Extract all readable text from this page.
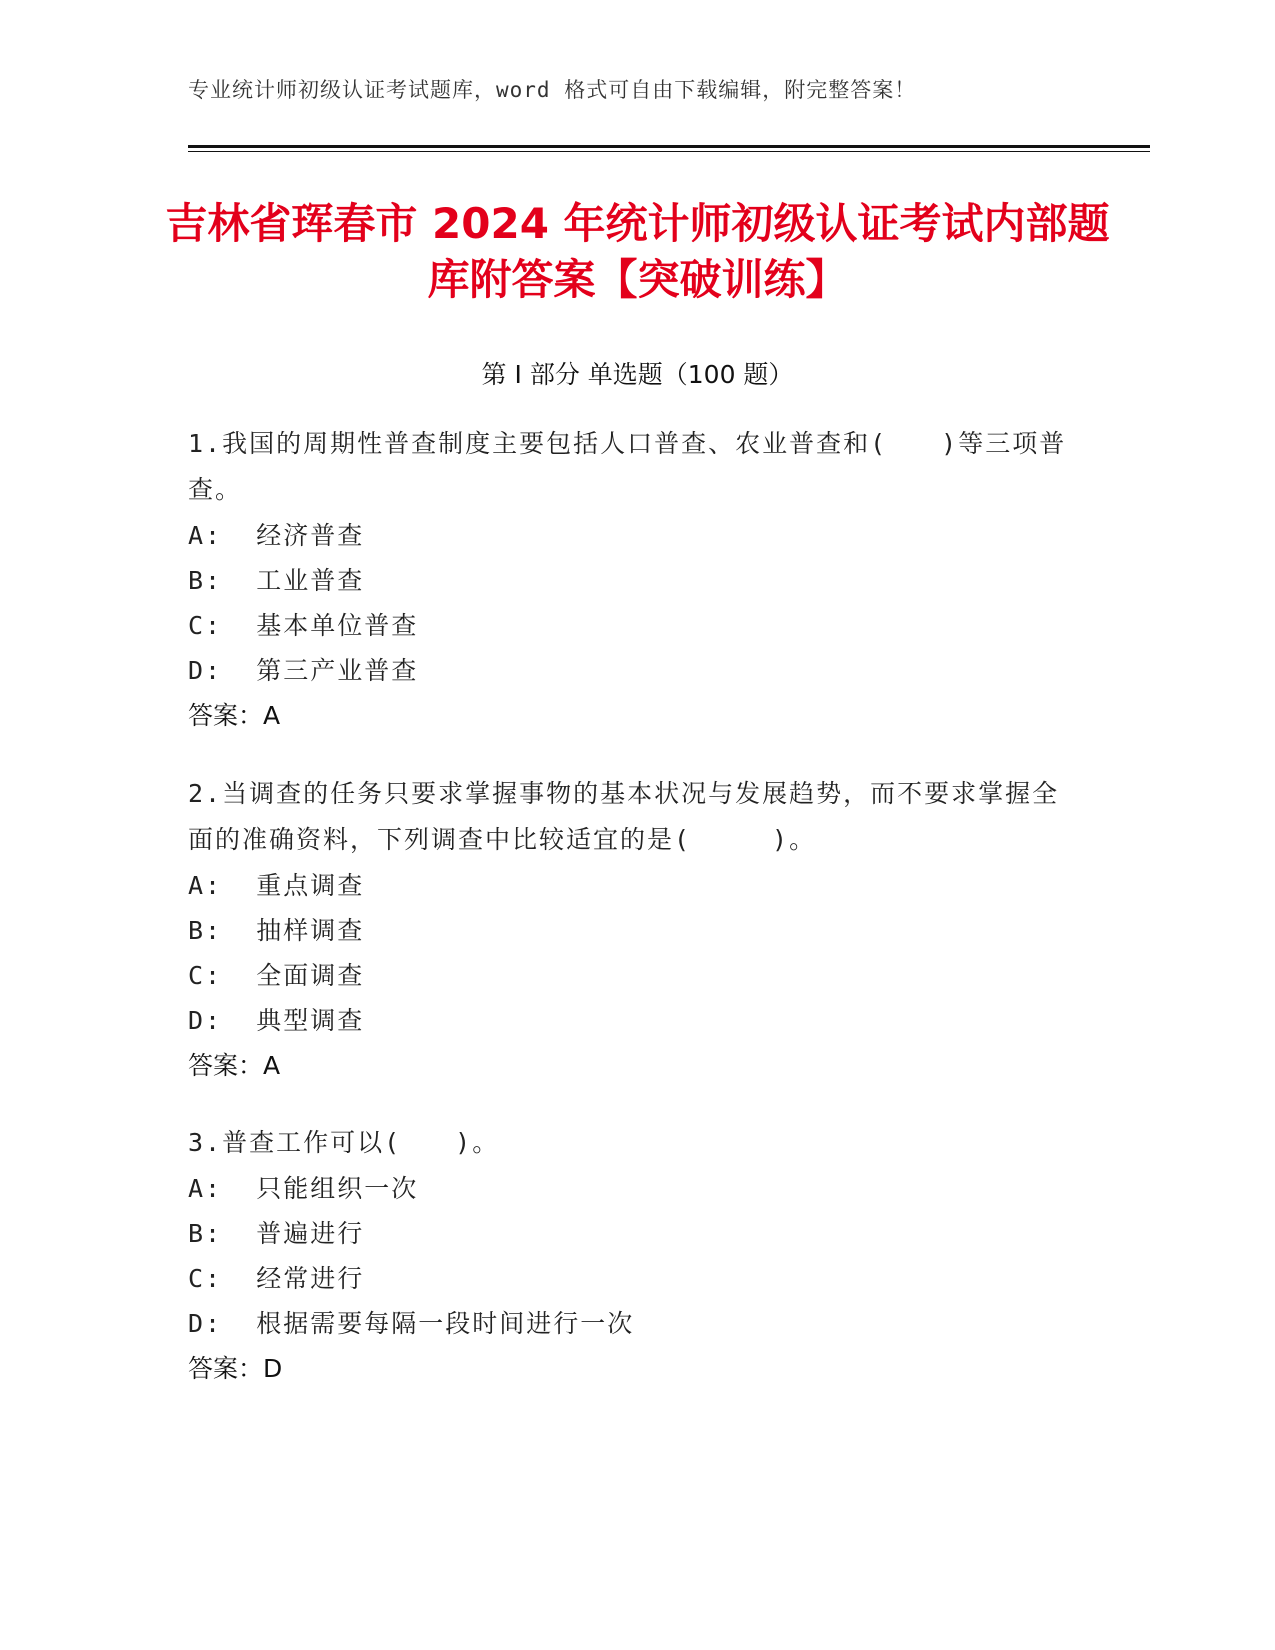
专业统计师初级认证考试题库，word 格式可自由下载编辑，附完整答案！
吉林省珲春市 2024 年统计师初级认证考试内部题库附答案【突破训练】
第 I 部分 单选题（100 题）
1.我国的周期性普查制度主要包括人口普查、农业普查和(　　)等三项普查。
A:  经济普查
B:  工业普查
C:  基本单位普查
D:  第三产业普查
答案：A
2.当调查的任务只要求掌握事物的基本状况与发展趋势，而不要求掌握全面的准确资料，下列调查中比较适宜的是(　　　)。
A:  重点调查
B:  抽样调查
C:  全面调查
D:  典型调查
答案：A
3.普查工作可以(　　)。
A:  只能组织一次
B:  普遍进行
C:  经常进行
D:  根据需要每隔一段时间进行一次
答案：D
